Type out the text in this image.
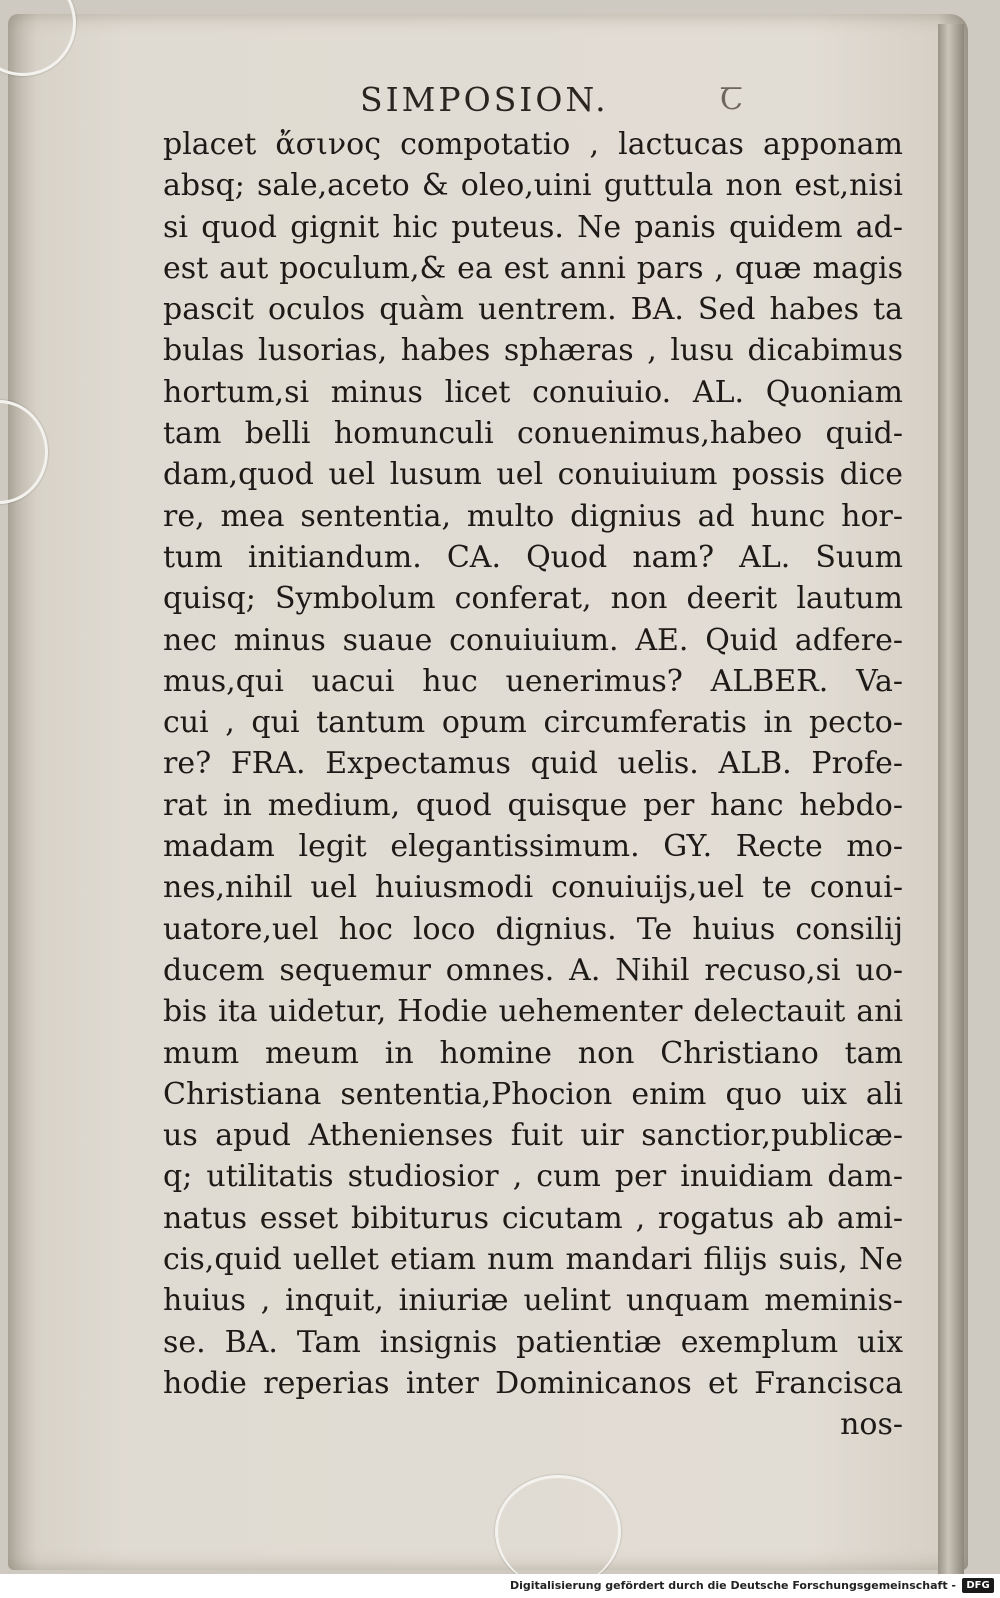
SIMPOSION.	Ꞇ
placet ἄσινος compotatio , lactucas apponam
absq; sale,aceto & oleo,uini guttula non est,nisi
si quod gignit hic puteus. Ne panis quidem ad-
est aut poculum,& ea est anni pars , quæ magis
pascit oculos quàm uentrem. BA. Sed habes ta
bulas lusorias, habes sphæras , lusu dicabimus
hortum,si minus licet conuiuio. AL. Quoniam
tam belli homunculi conuenimus,habeo quid-
dam,quod uel lusum uel conuiuium possis dice
re, mea sententia, multo dignius ad hunc hor-
tum initiandum. CA. Quod nam? AL. Suum
quisq; Symbolum conferat, non deerit lautum
nec minus suaue conuiuium. AE. Quid adfere-
mus,qui uacui huc uenerimus? ALBER. Va-
cui , qui tantum opum circumferatis in pecto-
re? FRA. Expectamus quid uelis. ALB. Profe-
rat in medium, quod quisque per hanc hebdo-
madam legit elegantissimum. GY. Recte mo-
nes,nihil uel huiusmodi conuiuijs,uel te conui-
uatore,uel hoc loco dignius. Te huius consilij
ducem sequemur omnes. A. Nihil recuso,si uo-
bis ita uidetur, Hodie uehementer delectauit ani
mum meum in homine non Christiano tam
Christiana sententia,Phocion enim quo uix ali
us apud Athenienses fuit uir sanctior,publicæ-
q; utilitatis studiosior , cum per inuidiam dam-
natus esset bibiturus cicutam , rogatus ab ami-
cis,quid uellet etiam num mandari filijs suis, Ne
huius , inquit, iniuriæ uelint unquam meminis-
se. BA. Tam insignis patientiæ exemplum uix
hodie reperias inter Dominicanos et Francisca
nos-
Digitalisierung gefördert durch die Deutsche Forschungsgemeinschaft -	DFG
